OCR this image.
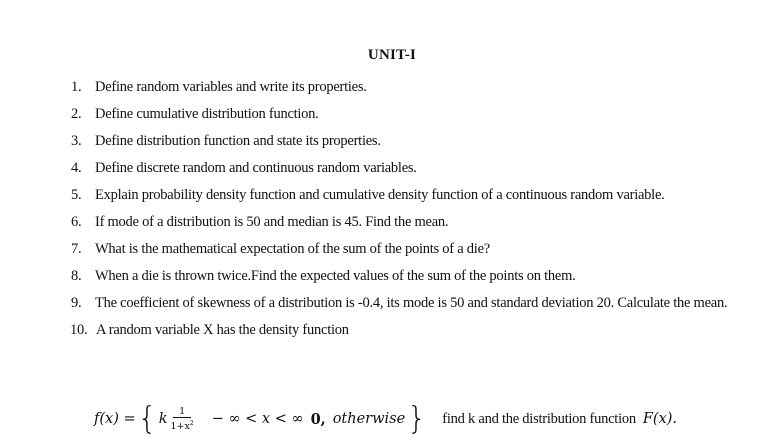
UNIT-I
1. Define random variables and write its properties.
2. Define cumulative distribution function.
3. Define distribution function and state its properties.
4. Define discrete random and continuous random variables.
5. Explain probability density function and cumulative density function of a continuous random variable.
6. If mode of a distribution is 50 and median is 45. Find the mean.
7. What is the mathematical expectation of the sum of the points of a die?
8. When a die is thrown twice.Find the expected values of the sum of the points on them.
9. The coefficient of skewness of a distribution is -0.4, its mode is 50 and standard deviation 20. Calculate the mean.
10. A random variable X has the density function
f(x) = { k $\frac{1}{1+x^2}$ − ∞ < x < ∞ 0, otherwise } find k and the distribution function F(x).
